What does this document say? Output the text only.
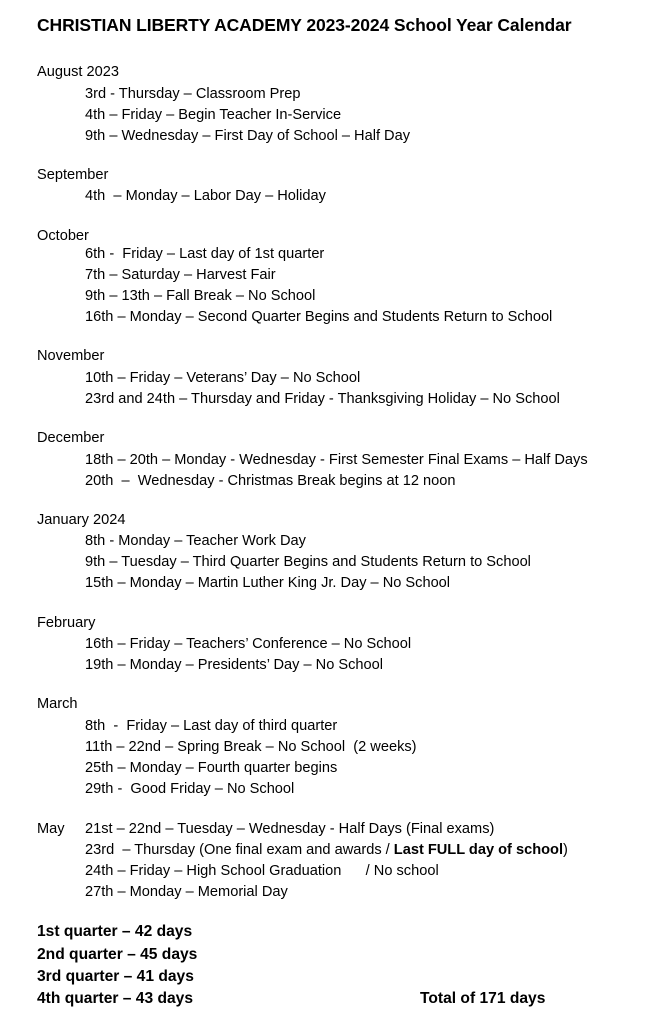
CHRISTIAN LIBERTY ACADEMY 2023-2024 School Year Calendar
August 2023
3rd - Thursday – Classroom Prep
4th – Friday – Begin Teacher In-Service
9th – Wednesday – First Day of School – Half Day
September
4th  – Monday – Labor Day – Holiday
October
6th -  Friday – Last day of 1st quarter
7th – Saturday – Harvest Fair
9th – 13th – Fall Break – No School
16th – Monday – Second Quarter Begins and Students Return to School
November
10th – Friday – Veterans’ Day – No School
23rd and 24th – Thursday and Friday - Thanksgiving Holiday – No School
December
18th – 20th – Monday - Wednesday - First Semester Final Exams – Half Days
20th  –  Wednesday - Christmas Break begins at 12 noon
January 2024
8th - Monday – Teacher Work Day
9th – Tuesday – Third Quarter Begins and Students Return to School
15th – Monday – Martin Luther King Jr. Day – No School
February
16th – Friday – Teachers’ Conference – No School
19th – Monday – Presidents’ Day – No School
March
8th  -  Friday – Last day of third quarter
11th – 22nd – Spring Break – No School  (2 weeks)
25th – Monday – Fourth quarter begins
29th -  Good Friday – No School
May 21st – 22nd – Tuesday – Wednesday - Half Days (Final exams)
23rd  – Thursday (One final exam and awards / Last FULL day of school)
24th – Friday – High School Graduation      / No school
27th – Monday – Memorial Day
1st quarter – 42 days
2nd quarter – 45 days
3rd quarter – 41 days
4th quarter – 43 days	Total of 171 days
